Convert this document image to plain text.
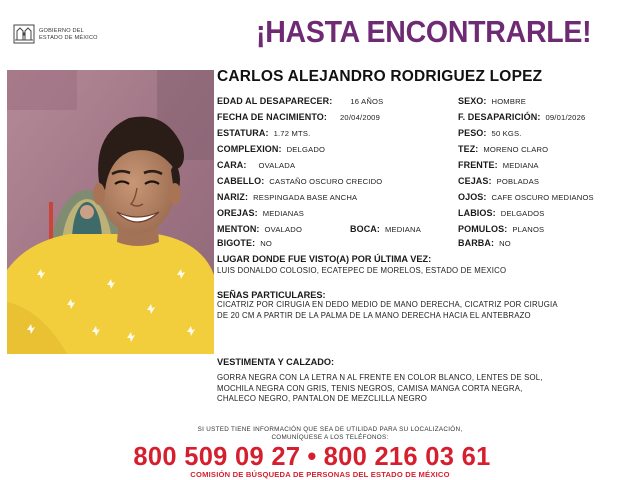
GOBIERNO DEL
ESTADO DE MÉXICO	¡HASTA ENCONTRARLE!
CARLOS ALEJANDRO RODRIGUEZ LOPEZ
EDAD AL DESAPARECER: 16 AÑOS
FECHA DE NACIMIENTO: 20/04/2009
ESTATURA: 1.72 MTS.
COMPLEXION: DELGADO
CARA: OVALADA
CABELLO: CASTAÑO OSCURO CRECIDO
NARIZ: RESPINGADA BASE ANCHA
OREJAS: MEDIANAS
MENTON: OVALADO	BOCA: MEDIANA
BIGOTE: NO
SEXO: HOMBRE
F. DESAPARICIÓN: 09/01/2026
PESO: 50 KGS.
TEZ: MORENO CLARO
FRENTE: MEDIANA
CEJAS: POBLADAS
OJOS: CAFE OSCURO MEDIANOS
LABIOS: DELGADOS
POMULOS: PLANOS
BARBA: NO
LUGAR DONDE FUE VISTO(A) POR ÚLTIMA VEZ:
LUIS DONALDO COLOSIO, ECATEPEC DE MORELOS, ESTADO DE MEXICO
SEÑAS PARTICULARES:
CICATRIZ POR CIRUGIA EN DEDO MEDIO DE MANO DERECHA, CICATRIZ POR CIRUGIA
DE 20 CM A PARTIR DE LA PALMA DE LA MANO DERECHA HACIA EL ANTEBRAZO
VESTIMENTA Y CALZADO:
GORRA NEGRA CON LA LETRA N AL FRENTE EN COLOR BLANCO, LENTES DE SOL,
MOCHILA NEGRA CON GRIS, TENIS NEGROS, CAMISA MANGA CORTA NEGRA,
CHALECO NEGRO, PANTALON DE MEZCLILLA NEGRO
SI USTED TIENE INFORMACIÓN QUE SEA DE UTILIDAD PARA SU LOCALIZACIÓN,
COMUNÍQUESE A LOS TELÉFONOS:
800 509 09 27 • 800 216 03 61
COMISIÓN DE BÚSQUEDA DE PERSONAS DEL ESTADO DE MÉXICO
